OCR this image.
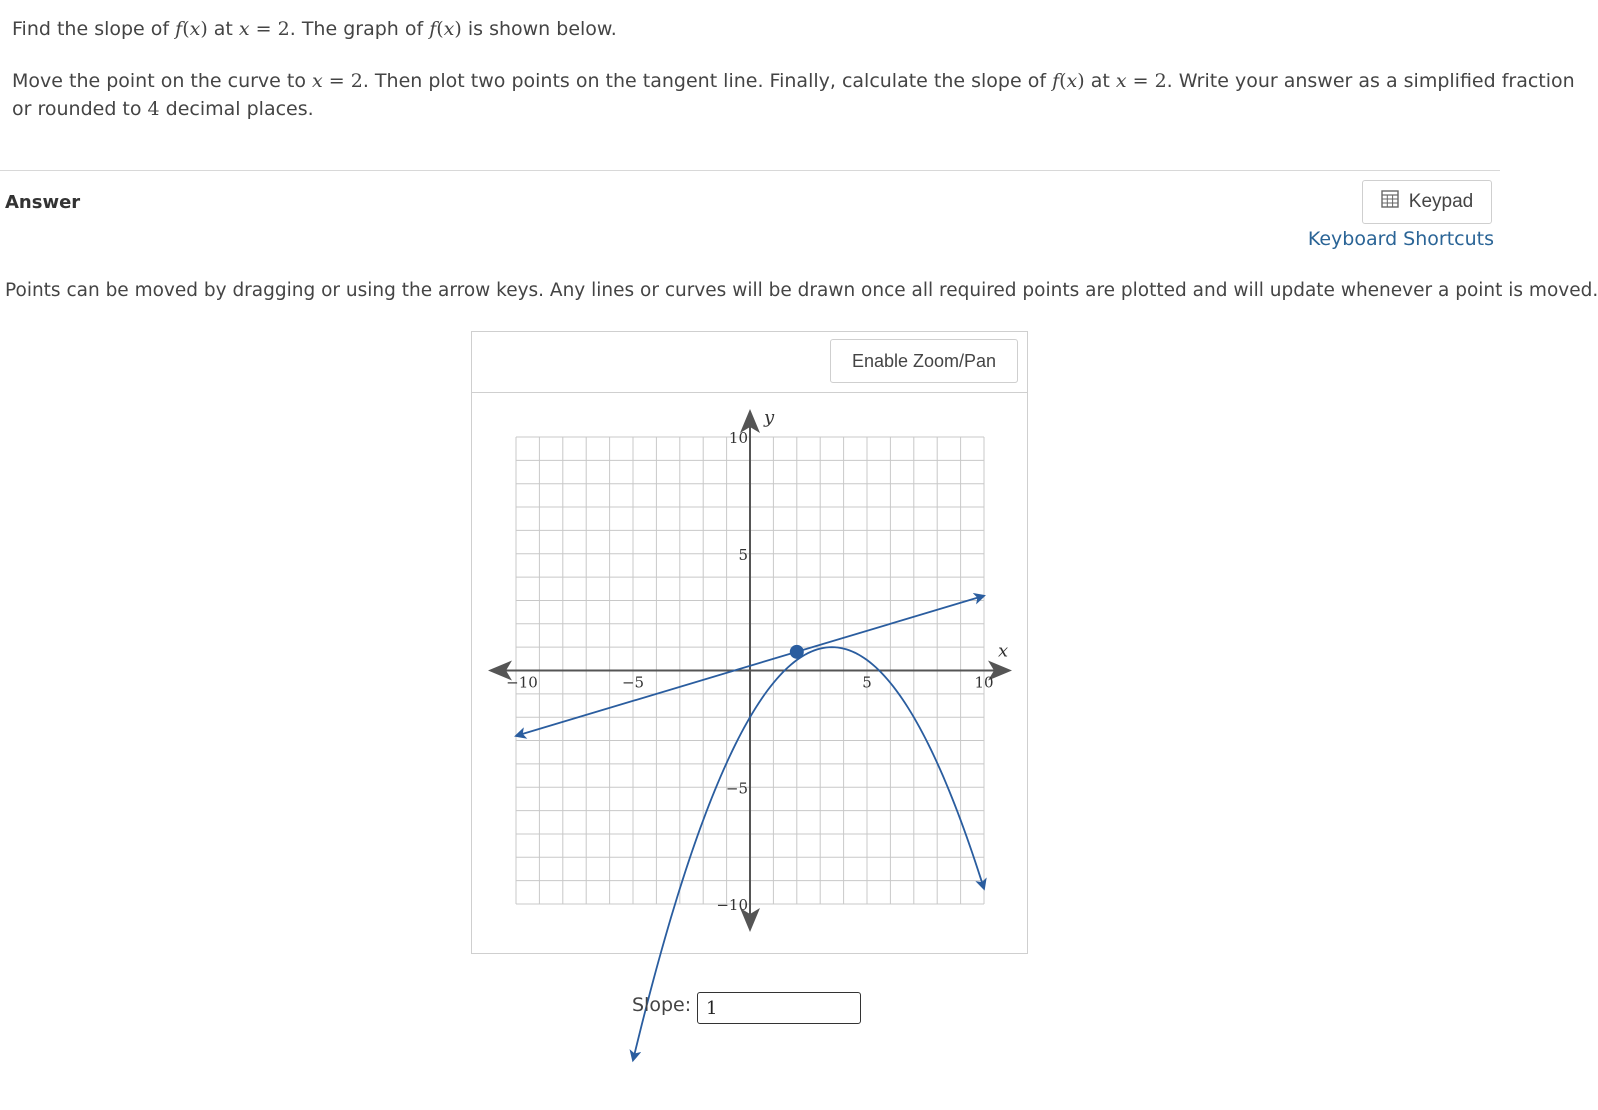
Find the slope of f(x) at x = 2. The graph of f(x) is shown below.
Move the point on the curve to x = 2. Then plot two points on the tangent line. Finally, calculate the slope of f(x) at x = 2. Write your answer as a simplified fraction
or rounded to 4 decimal places.
Answer	Keypad
Keyboard Shortcuts
Points can be moved by dragging or using the arrow keys. Any lines or curves will be drawn once all required points are plotted and will update whenever a point is moved.
Enable Zoom/Pan
−10	−5	5	10
10
5
−5
−10
x
y
Slope:
1
